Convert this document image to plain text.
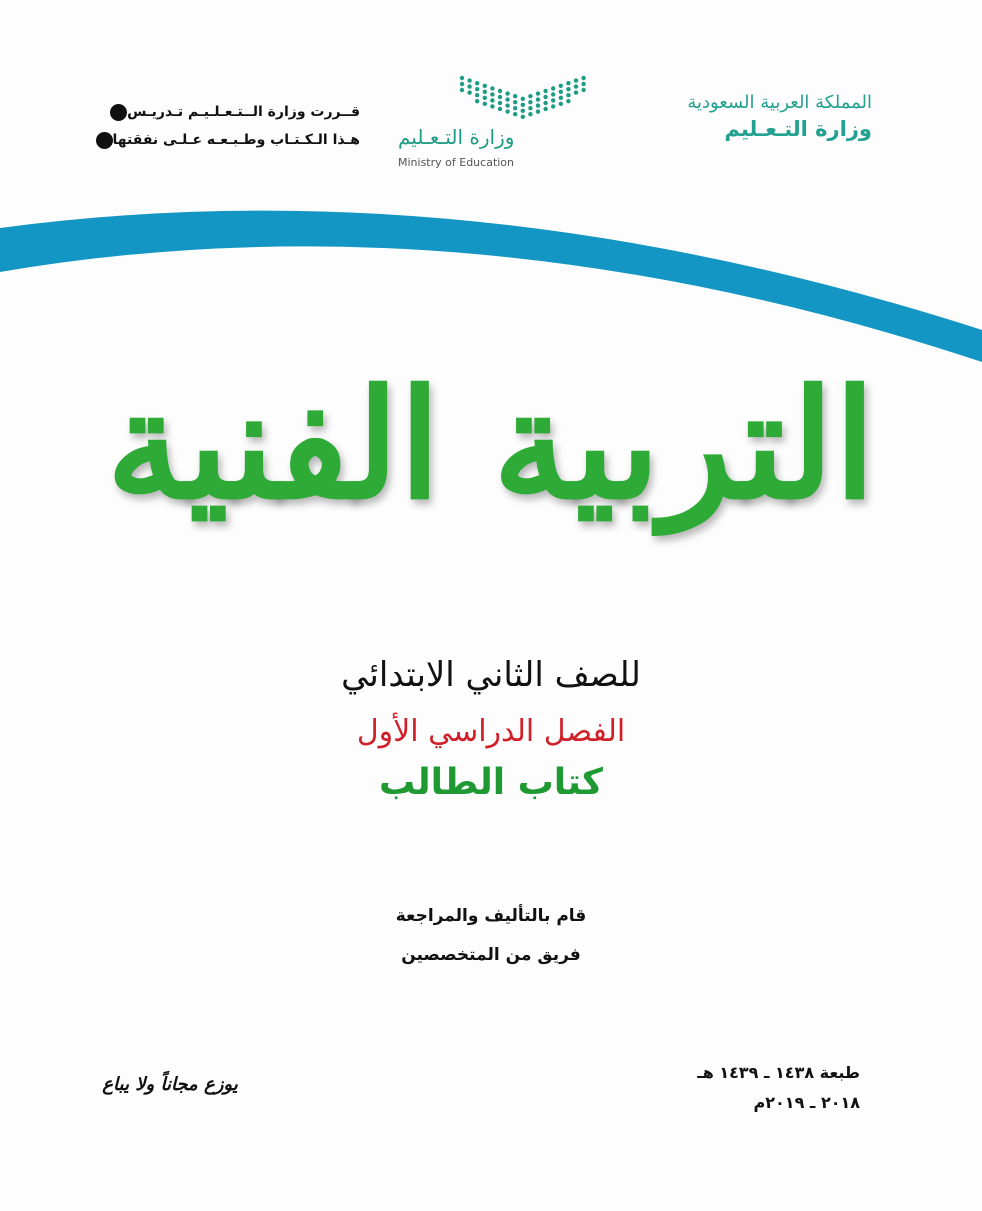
قــررت وزارة الــتـعـلـيـم تـدريـس
هـذا الـكـتـاب وطـبـعـه عـلـى نفقتها وزارة التـعـليم
Ministry of Education
المملكة العربية السعودية
وزارة التـعـليم
التربية الفنية
للصف الثاني الابتدائي
الفصل الدراسي الأول
كتاب الطالب
قام بالتأليف والمراجعة
فريق من المتخصصين
طبعة ١٤٣٨ ـ ١٤٣٩ هـ
٢٠١٨ ـ ٢٠١٩م
يوزع مجاناً ولا يباع
